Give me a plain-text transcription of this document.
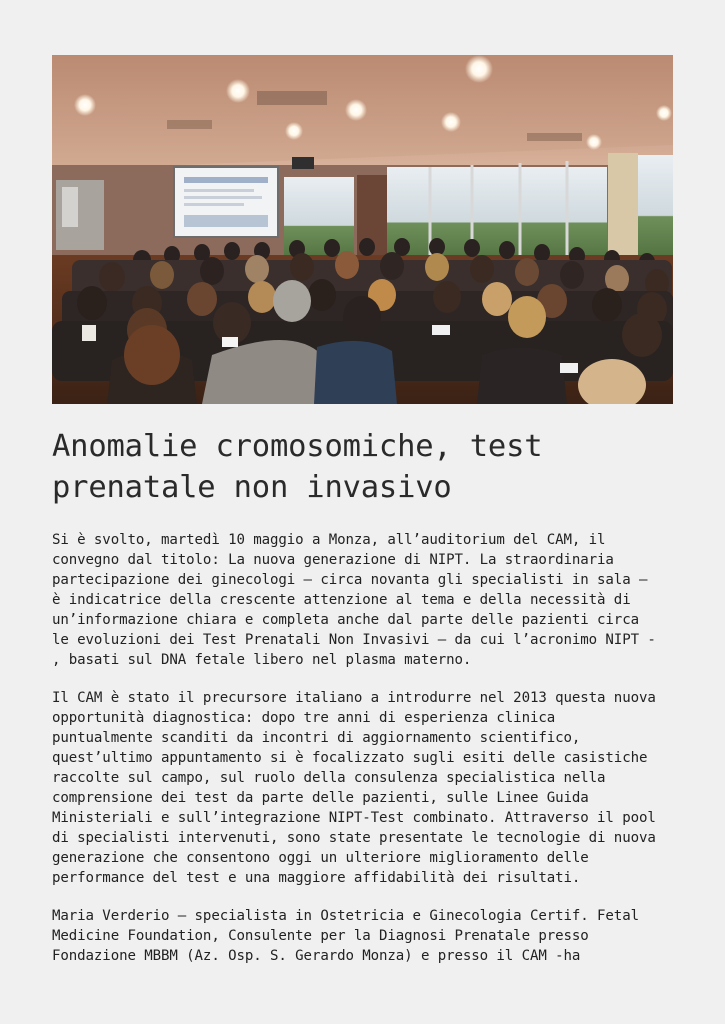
Anomalie cromosomiche, test prenatale non invasivo

Si è svolto, martedì 10 maggio a Monza, all’auditorium del CAM, il
convegno dal titolo: La nuova generazione di NIPT. La straordinaria
partecipazione dei ginecologi – circa novanta gli specialisti in sala –
è indicatrice della crescente attenzione al tema e della necessità di
un’informazione chiara e completa anche dal parte delle pazienti circa
le evoluzioni dei Test Prenatali Non Invasivi – da cui l’acronimo NIPT -
, basati sul DNA fetale libero nel plasma materno.

Il CAM è stato il precursore italiano a introdurre nel 2013 questa nuova
opportunità diagnostica: dopo tre anni di esperienza clinica
puntualmente scanditi da incontri di aggiornamento scientifico,
quest’ultimo appuntamento si è focalizzato sugli esiti delle casistiche
raccolte sul campo, sul ruolo della consulenza specialistica nella
comprensione dei test da parte delle pazienti, sulle Linee Guida
Ministeriali e sull’integrazione NIPT-Test combinato. Attraverso il pool
di specialisti intervenuti, sono state presentate le tecnologie di nuova
generazione che consentono oggi un ulteriore miglioramento delle
performance del test e una maggiore affidabilità dei risultati.

Maria Verderio – specialista in Ostetricia e Ginecologia Certif. Fetal
Medicine Foundation, Consulente per la Diagnosi Prenatale presso
Fondazione MBBM (Az. Osp. S. Gerardo Monza) e presso il CAM -ha
